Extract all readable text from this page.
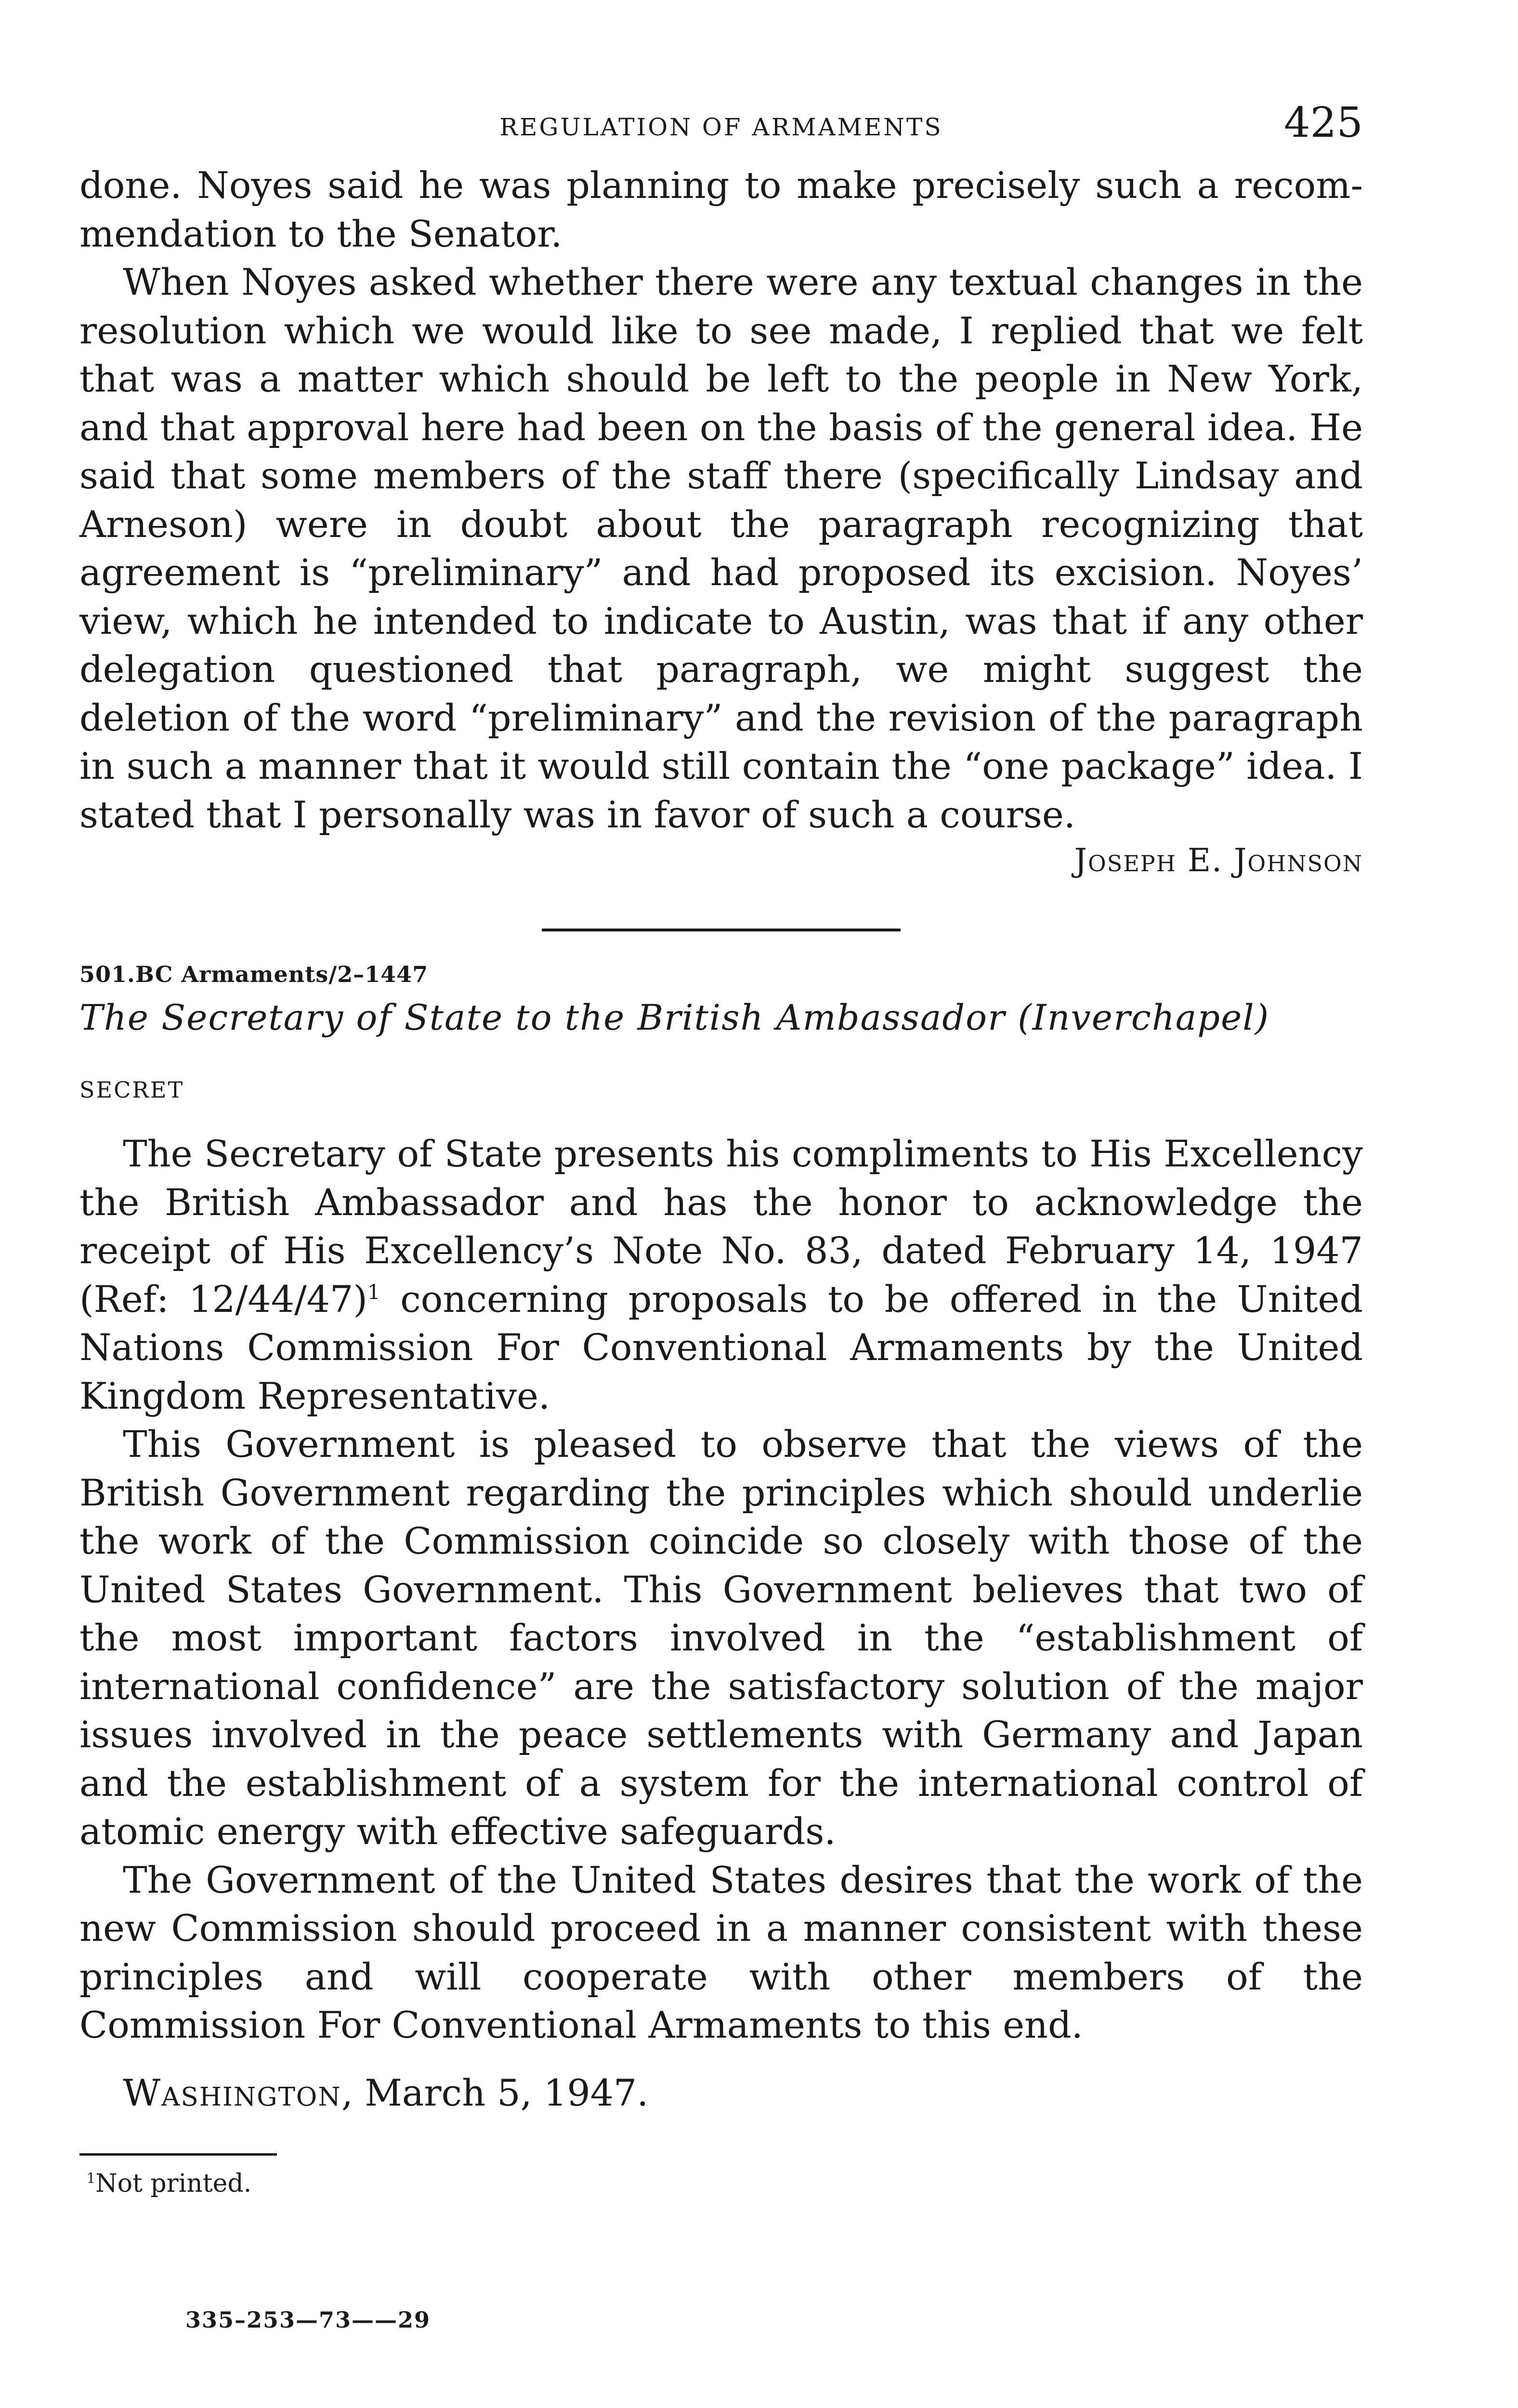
REGULATION OF ARMAMENTS	425

done. Noyes said he was planning to make precisely such a recommendation to the Senator.

When Noyes asked whether there were any textual changes in the resolution which we would like to see made, I replied that we felt that was a matter which should be left to the people in New York, and that approval here had been on the basis of the general idea. He said that some members of the staff there (specifically Lindsay and Arneson) were in doubt about the paragraph recognizing that agreement is “preliminary” and had proposed its excision. Noyes’ view, which he intended to indicate to Austin, was that if any other delegation questioned that paragraph, we might suggest the deletion of the word “preliminary” and the revision of the paragraph in such a manner that it would still contain the “one package” idea. I stated that I personally was in favor of such a course.

Joseph E. Johnson
501.BC Armaments/2–1447

The Secretary of State to the British Ambassador (Inverchapel)

SECRET

The Secretary of State presents his compliments to His Excellency the British Ambassador and has the honor to acknowledge the receipt of His Excellency’s Note No. 83, dated February 14, 1947 (Ref: 12/44/47)$^1$ concerning proposals to be offered in the United Nations Commission For Conventional Armaments by the United Kingdom Representative.

This Government is pleased to observe that the views of the British Government regarding the principles which should underlie the work of the Commission coincide so closely with those of the United States Government. This Government believes that two of the most important factors involved in the “establishment of international confidence” are the satisfactory solution of the major issues involved in the peace settlements with Germany and Japan and the establishment of a system for the international control of atomic energy with effective safeguards.

The Government of the United States desires that the work of the new Commission should proceed in a manner consistent with these principles and will cooperate with other members of the Commission For Conventional Armaments to this end.

Washington, March 5, 1947.

$^1$Not printed.
335–253—73——29
